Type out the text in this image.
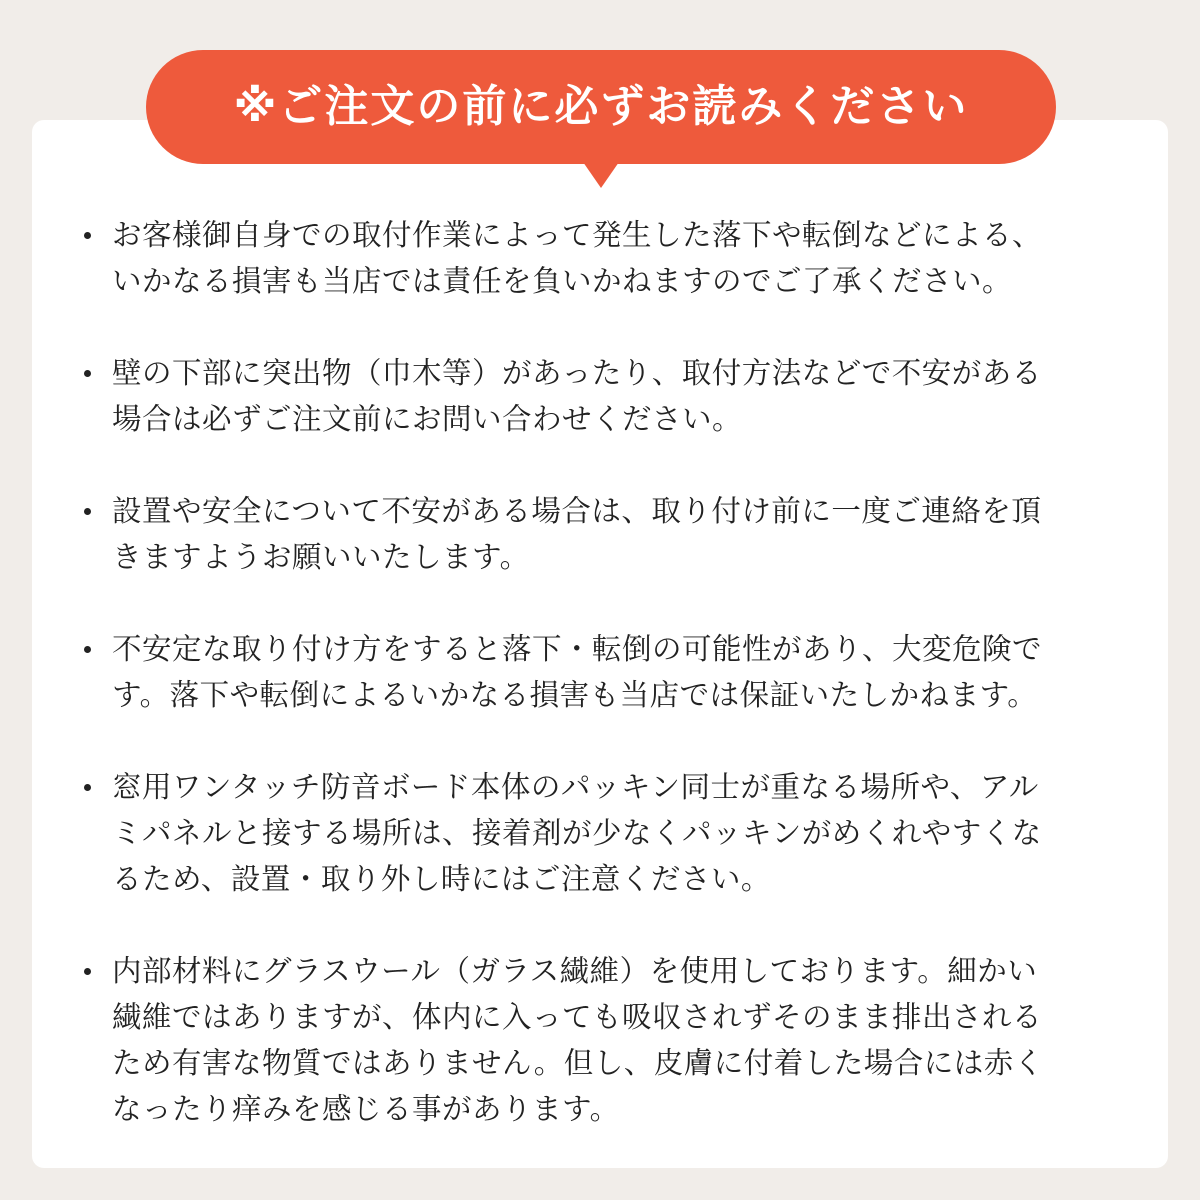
※ご注文の前に必ずお読みください
お客様御自身での取付作業によって発生した落下や転倒などによる、
いかなる損害も当店では責任を負いかねますのでご了承ください。
壁の下部に突出物（巾木等）があったり、取付方法などで不安がある
場合は必ずご注文前にお問い合わせください。
設置や安全について不安がある場合は、取り付け前に一度ご連絡を頂
きますようお願いいたします。
不安定な取り付け方をすると落下・転倒の可能性があり、大変危険で
す。落下や転倒によるいかなる損害も当店では保証いたしかねます。
窓用ワンタッチ防音ボード本体のパッキン同士が重なる場所や、アル
ミパネルと接する場所は、接着剤が少なくパッキンがめくれやすくな
るため、設置・取り外し時にはご注意ください。
内部材料にグラスウール（ガラス繊維）を使用しております。細かい
繊維ではありますが、体内に入っても吸収されずそのまま排出される
ため有害な物質ではありません。但し、皮膚に付着した場合には赤く
なったり痒みを感じる事があります。
